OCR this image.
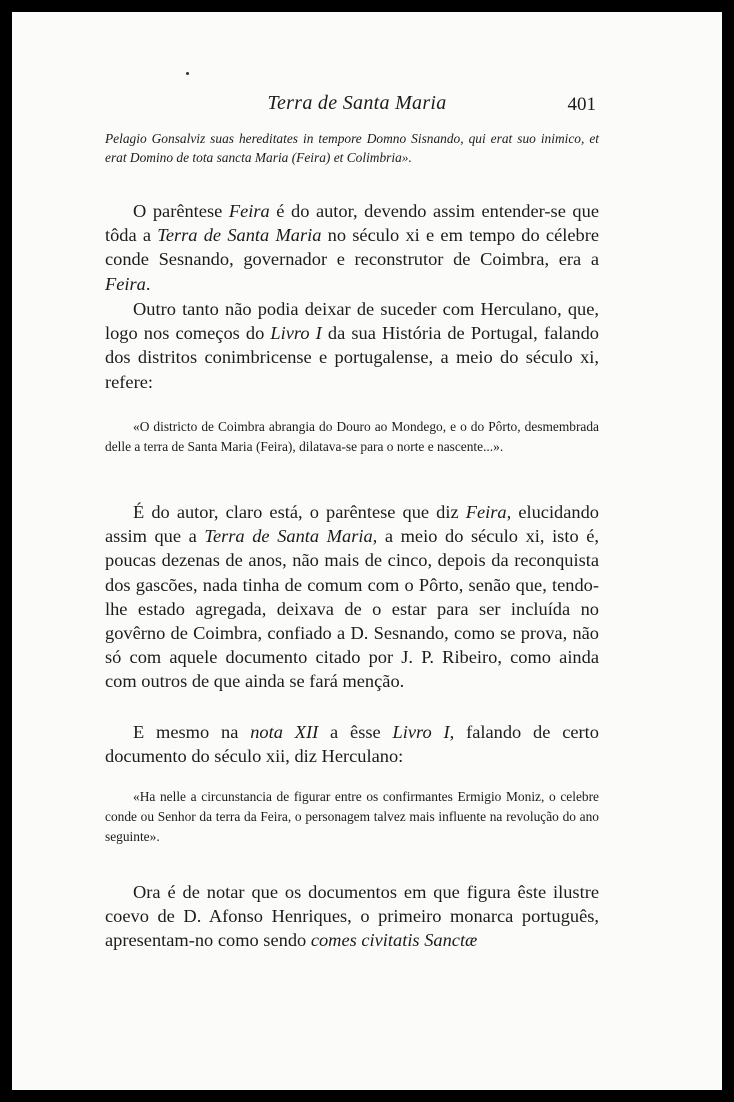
Terra de Santa Maria	401
Pelagio Gonsalviz suas hereditates in tempore Domno Sisnando, qui erat suo inimico, et erat Domino de tota sancta Maria (Feira) et Colimbria».

O parêntese Feira é do autor, devendo assim entender-se que tôda a Terra de Santa Maria no século xi e em tempo do célebre conde Sesnando, governador e reconstrutor de Coimbra, era a Feira.

Outro tanto não podia deixar de suceder com Herculano, que, logo nos começos do Livro I da sua História de Portugal, falando dos distritos conimbricense e portugalense, a meio do século xi, refere:

«O districto de Coimbra abrangia do Douro ao Mondego, e o do Pôrto, desmembrada delle a terra de Santa Maria (Feira), dilatava-se para o norte e nascente...».

É do autor, claro está, o parêntese que diz Feira, elucidando assim que a Terra de Santa Maria, a meio do século xi, isto é, poucas dezenas de anos, não mais de cinco, depois da reconquista dos gascões, nada tinha de comum com o Pôrto, senão que, tendo-lhe estado agregada, deixava de o estar para ser incluída no govêrno de Coimbra, confiado a D. Sesnando, como se prova, não só com aquele documento citado por J. P. Ribeiro, como ainda com outros de que ainda se fará menção.

E mesmo na nota XII a êsse Livro I, falando de certo documento do século xii, diz Herculano:

«Ha nelle a circunstancia de figurar entre os confirmantes Ermigio Moniz, o celebre conde ou Senhor da terra da Feira, o personagem talvez mais influente na revolução do ano seguinte».

Ora é de notar que os documentos em que figura êste ilustre coevo de D. Afonso Henriques, o primeiro monarca português, apresentam-no como sendo comes civitatis Sanctæ
